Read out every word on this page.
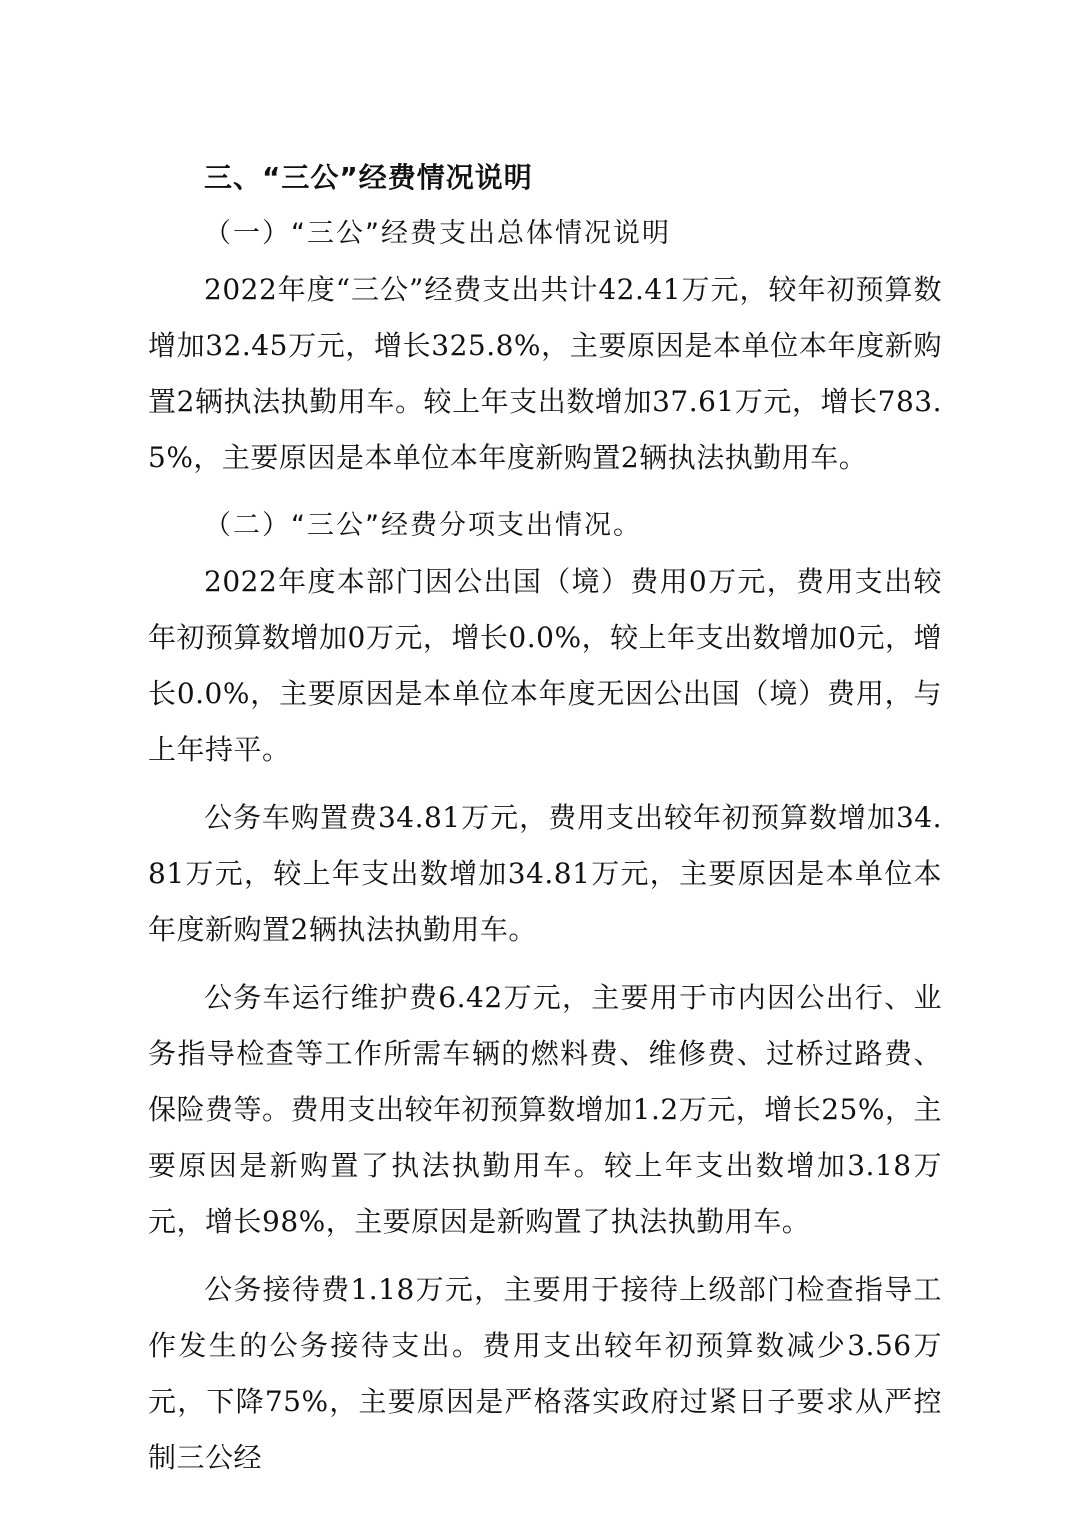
三、“三公”经费情况说明

（一）“三公”经费支出总体情况说明

2022年度“三公”经费支出共计42.41万元，较年初预算数增加32.45万元，增长325.8%，主要原因是本单位本年度新购置2辆执法执勤用车。较上年支出数增加37.61万元，增长783.5%，主要原因是本单位本年度新购置2辆执法执勤用车。

（二）“三公”经费分项支出情况。

2022年度本部门因公出国（境）费用0万元，费用支出较年初预算数增加0万元，增长0.0%，较上年支出数增加0元，增长0.0%，主要原因是本单位本年度无因公出国（境）费用，与上年持平。

公务车购置费34.81万元，费用支出较年初预算数增加34.81万元，较上年支出数增加34.81万元，主要原因是本单位本年度新购置2辆执法执勤用车。

公务车运行维护费6.42万元，主要用于市内因公出行、业务指导检查等工作所需车辆的燃料费、维修费、过桥过路费、保险费等。费用支出较年初预算数增加1.2万元，增长25%，主要原因是新购置了执法执勤用车。较上年支出数增加3.18万元，增长98%，主要原因是新购置了执法执勤用车。

公务接待费1.18万元，主要用于接待上级部门检查指导工作发生的公务接待支出。费用支出较年初预算数减少3.56万元，下降75%，主要原因是严格落实政府过紧日子要求从严控制三公经
